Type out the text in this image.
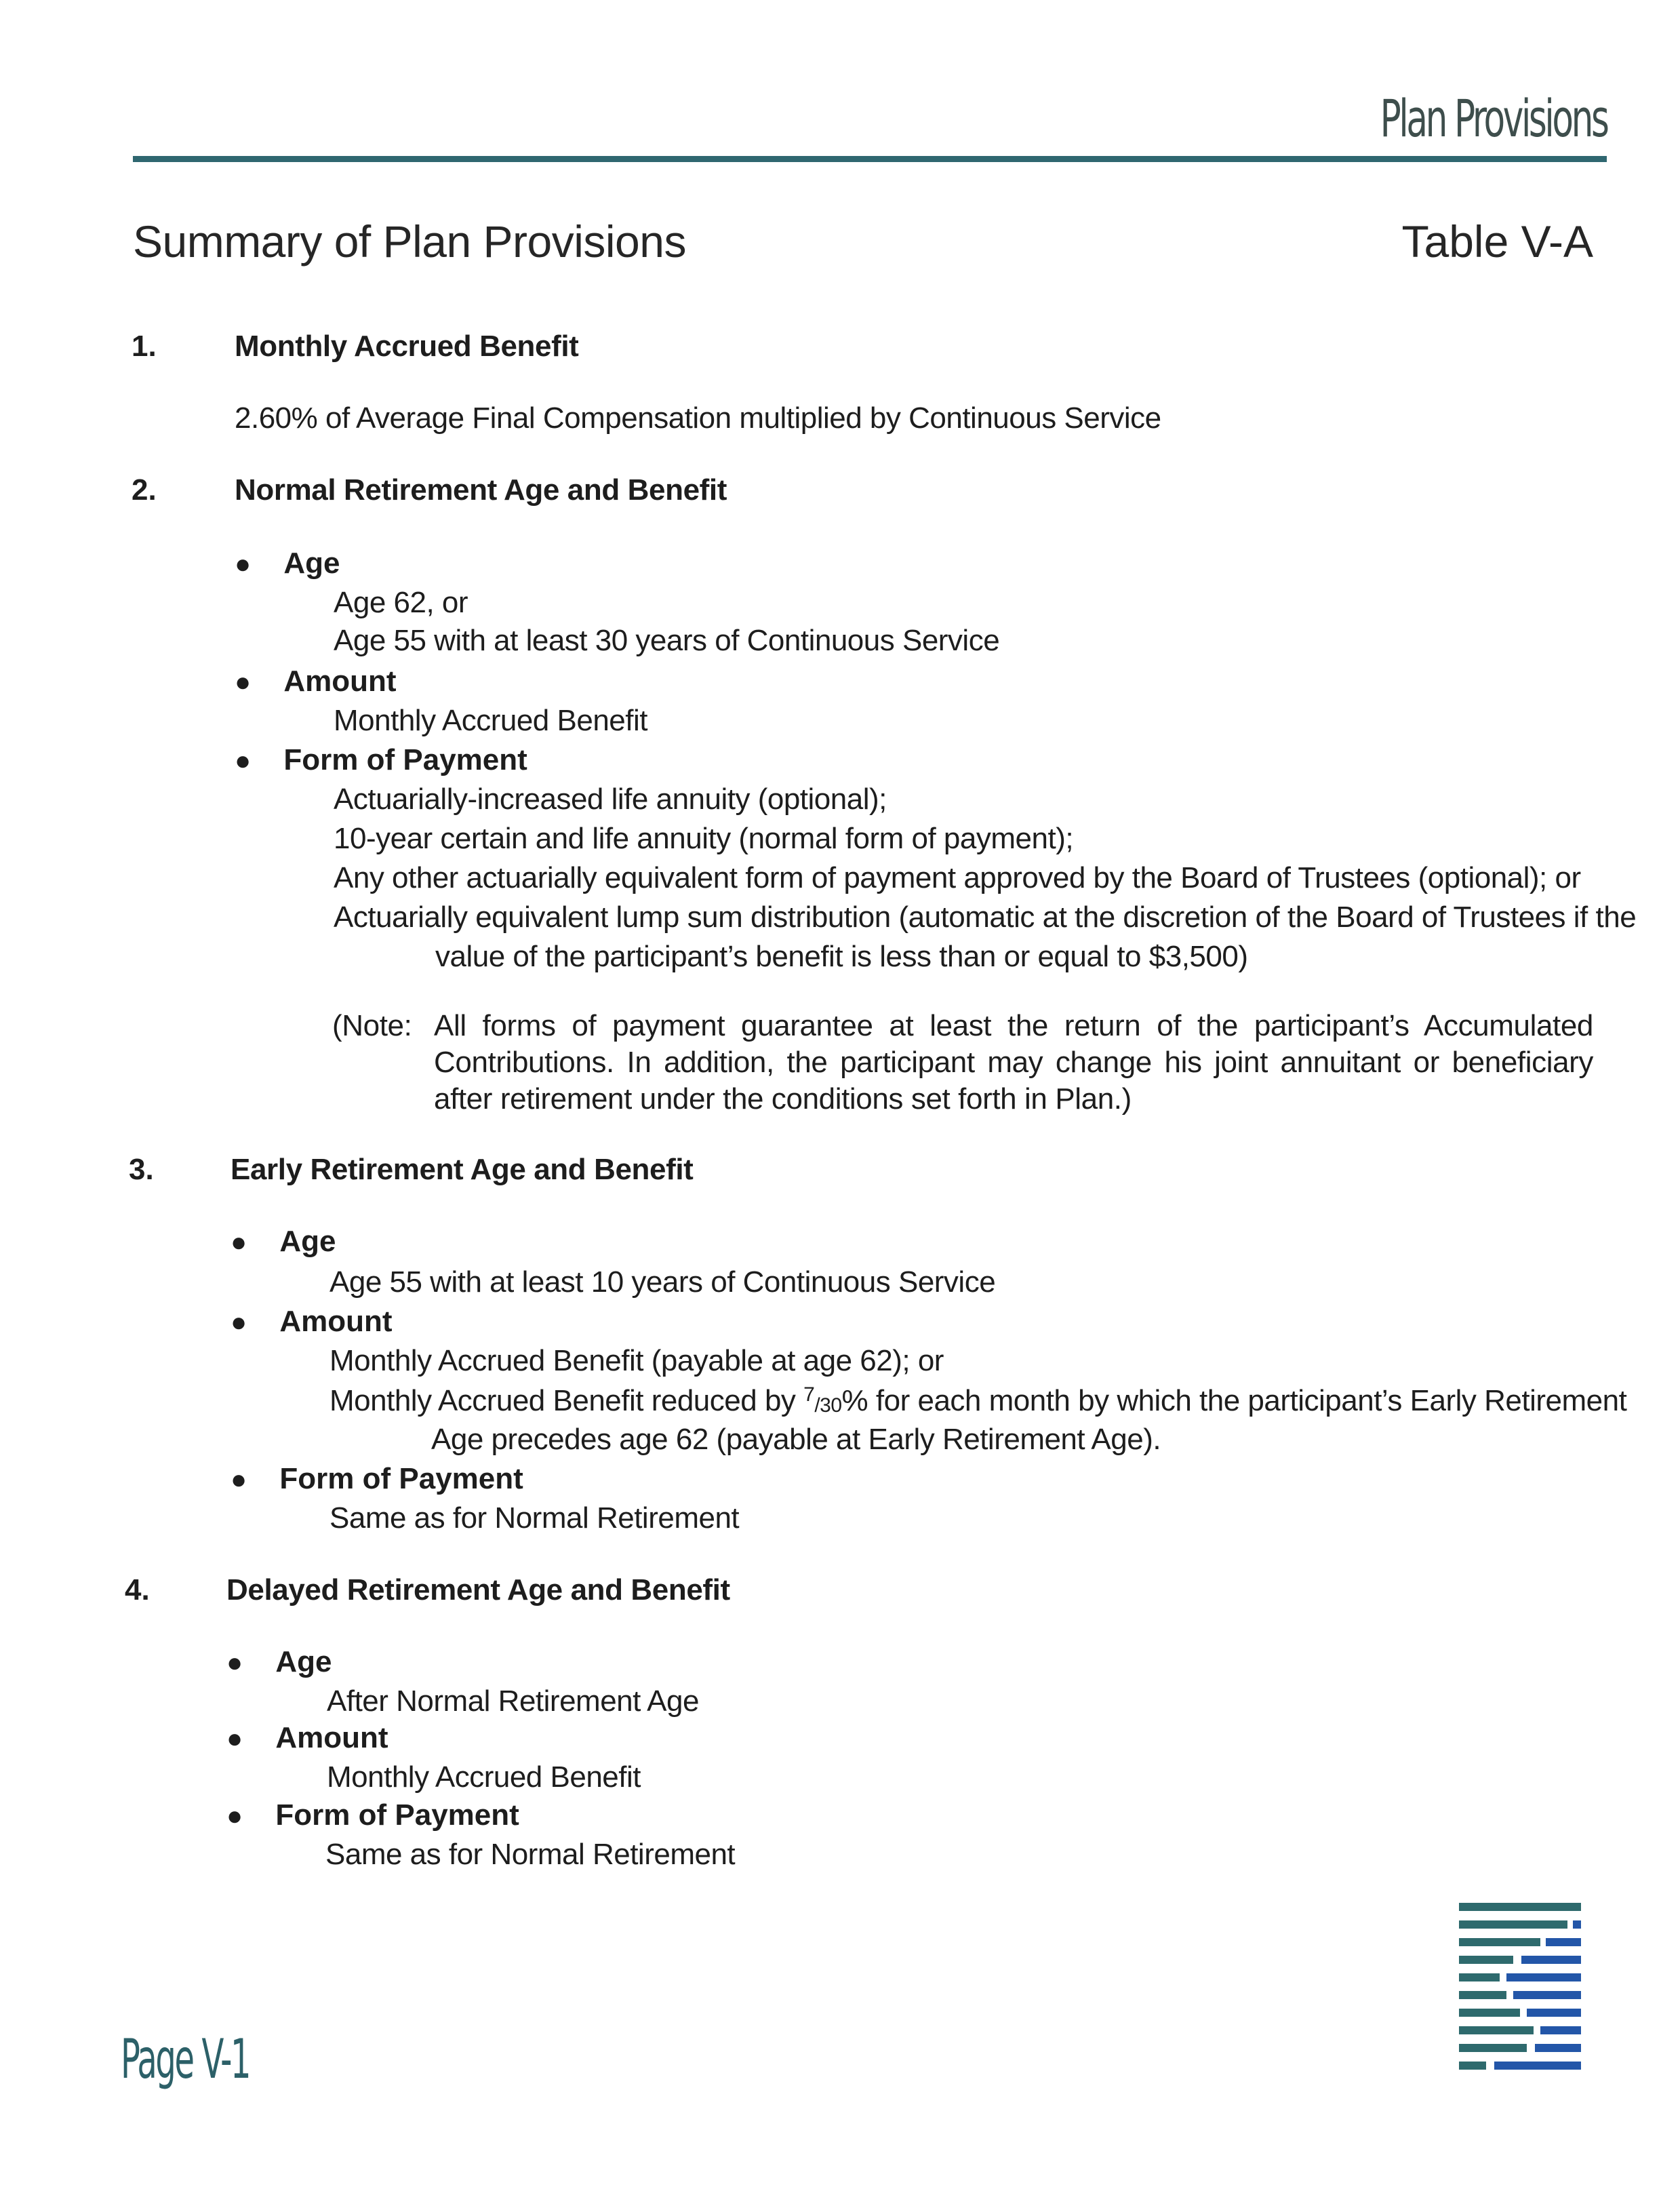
Plan Provisions
Summary of Plan Provisions	Table V-A
1.	Monthly Accrued Benefit
2.60% of Average Final Compensation multiplied by Continuous Service
2.	Normal Retirement Age and Benefit
● Age
Age 62, or
Age 55 with at least 30 years of Continuous Service
● Amount
Monthly Accrued Benefit
● Form of Payment
Actuarially-increased life annuity (optional);
10-year certain and life annuity (normal form of payment);
Any other actuarially equivalent form of payment approved by the Board of Trustees (optional); or
Actuarially equivalent lump sum distribution (automatic at the discretion of the Board of Trustees if the
value of the participant’s benefit is less than or equal to $3,500)
(Note: All forms of payment guarantee at least the return of the participant’s Accumulated Contributions. In addition, the participant may change his joint annuitant or beneficiary after retirement under the conditions set forth in Plan.)
3.	Early Retirement Age and Benefit
● Age
Age 55 with at least 10 years of Continuous Service
● Amount
Monthly Accrued Benefit (payable at age 62); or
Monthly Accrued Benefit reduced by $^7$/30% for each month by which the participant’s Early Retirement
Age precedes age 62 (payable at Early Retirement Age).
● Form of Payment
Same as for Normal Retirement
4.	Delayed Retirement Age and Benefit
● Age
After Normal Retirement Age
● Amount
Monthly Accrued Benefit
● Form of Payment
Same as for Normal Retirement
Page V-1
